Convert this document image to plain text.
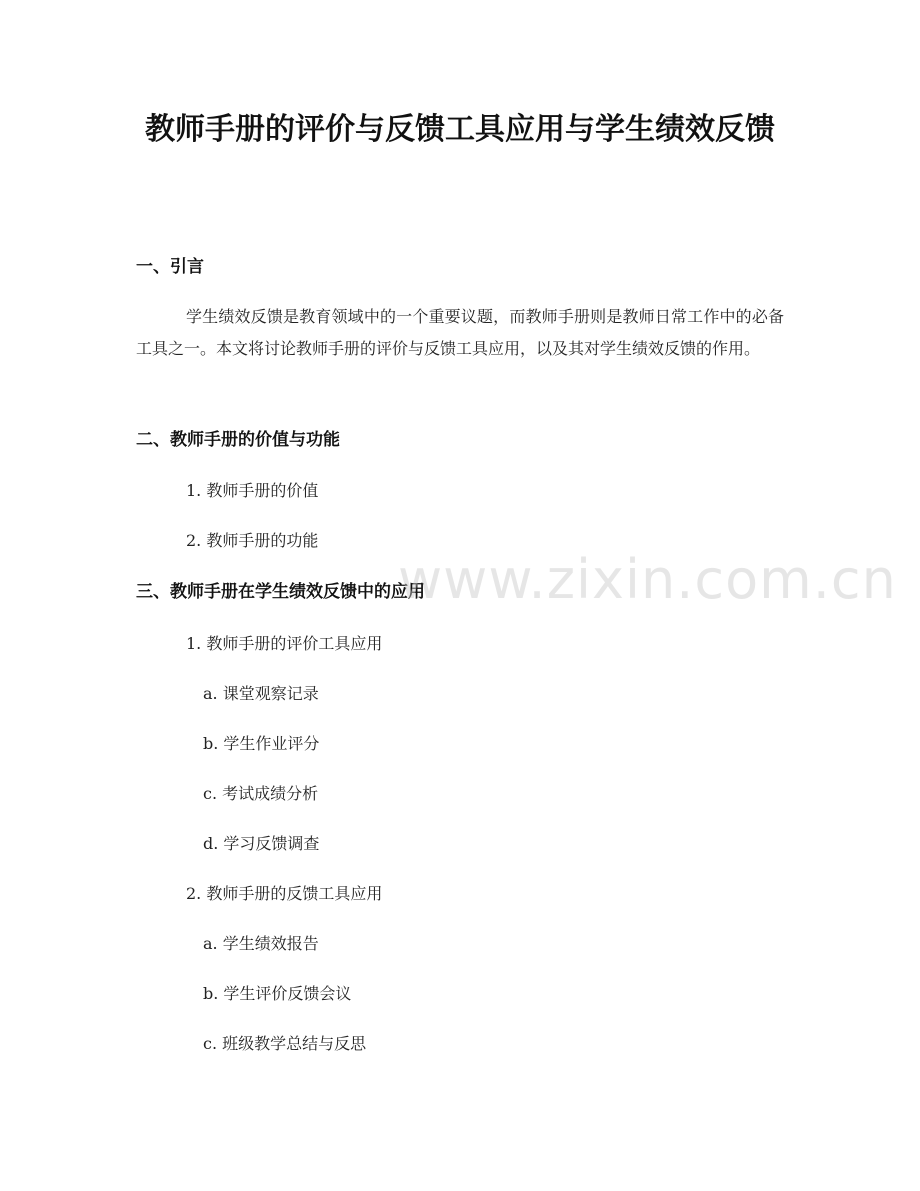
教师手册的评价与反馈工具应用与学生绩效反馈
一、引言

学生绩效反馈是教育领域中的一个重要议题，而教师手册则是教师日常工作中的必备工具之一。本文将讨论教师手册的评价与反馈工具应用，以及其对学生绩效反馈的作用。

二、教师手册的价值与功能

1. 教师手册的价值

2. 教师手册的功能

三、教师手册在学生绩效反馈中的应用

1. 教师手册的评价工具应用

a. 课堂观察记录

b. 学生作业评分

c. 考试成绩分析

d. 学习反馈调查

2. 教师手册的反馈工具应用

a. 学生绩效报告

b. 学生评价反馈会议

c. 班级教学总结与反思

www.zixin.com.cn
